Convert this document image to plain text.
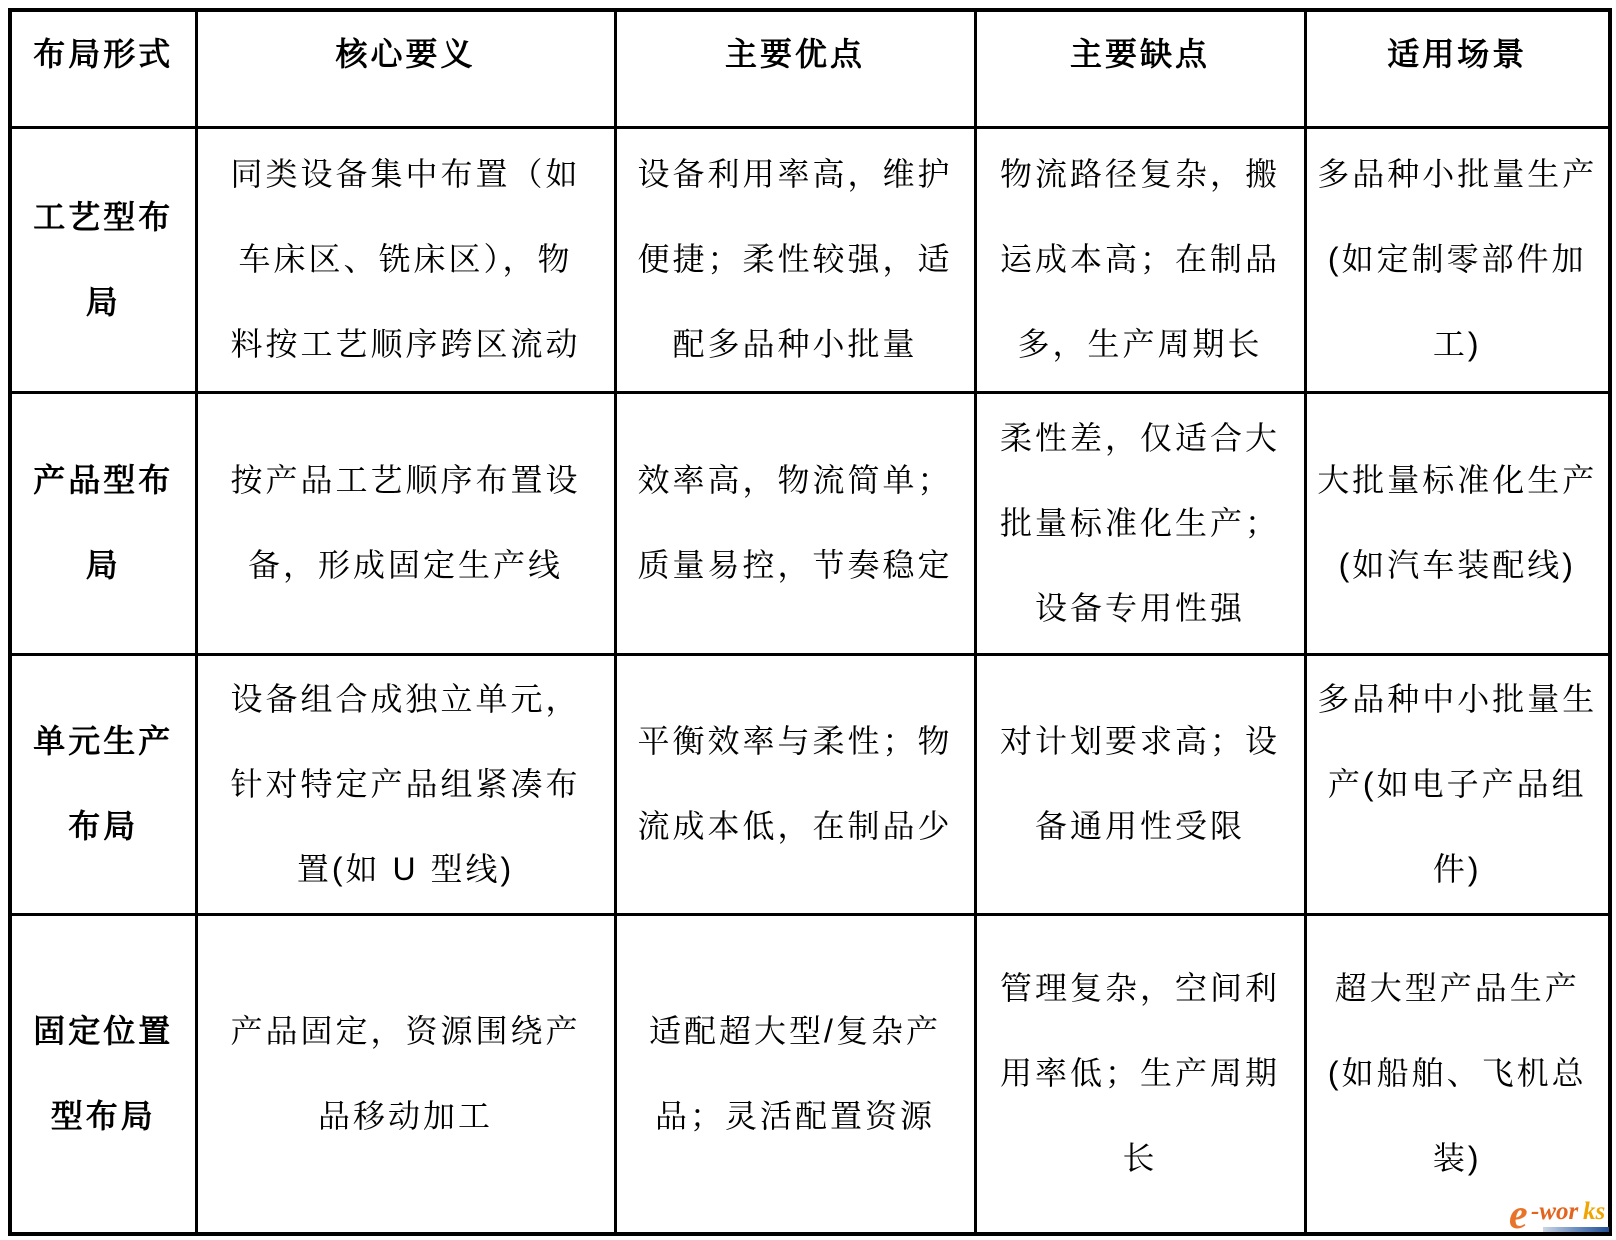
布局形式	核心要义	主要优点	主要缺点	适用场景
工艺型布局	同类设备集中布置（如车床区、铣床区），物料按工艺顺序跨区流动	设备利用率高，维护便捷；柔性较强，适配多品种小批量	物流路径复杂，搬运成本高；在制品多，生产周期长	多品种小批量生产(如定制零部件加工)
产品型布局	按产品工艺顺序布置设备，形成固定生产线	效率高，物流简单；质量易控，节奏稳定	柔性差，仅适合大批量标准化生产；设备专用性强	大批量标准化生产(如汽车装配线)
单元生产布局	设备组合成独立单元，针对特定产品组紧凑布置(如 U 型线)	平衡效率与柔性；物流成本低，在制品少	对计划要求高；设备通用性受限	多品种中小批量生产(如电子产品组件)
固定位置型布局	产品固定，资源围绕产品移动加工	适配超大型/复杂产品；灵活配置资源	管理复杂，空间利用率低；生产周期长	超大型产品生产(如船舶、飞机总装)
e -wor ks
